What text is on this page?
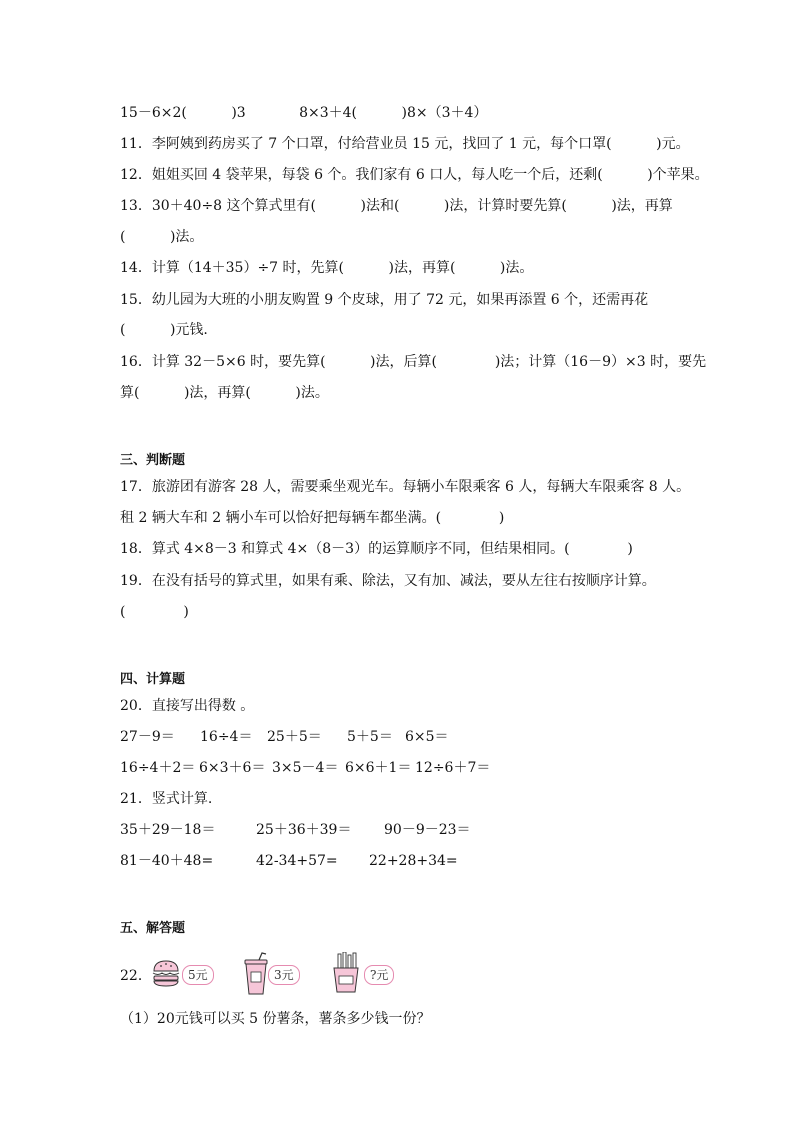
15－6×2(          )3            8×3＋4(          )8×（3＋4）
11．李阿姨到药房买了 7 个口罩，付给营业员 15 元，找回了 1 元，每个口罩(          )元。
12．姐姐买回 4 袋苹果，每袋 6 个。我们家有 6 口人，每人吃一个后，还剩(          )个苹果。
13．30＋40÷8 这个算式里有(          )法和(          )法，计算时要先算(          )法，再算
(          )法。
14．计算（14＋35）÷7 时，先算(          )法，再算(          )法。
15．幼儿园为大班的小朋友购置 9 个皮球，用了 72 元，如果再添置 6 个，还需再花
(          )元钱.
16．计算 32－5×6 时，要先算(          )法，后算(             )法；计算（16－9）×3 时，要先
算(          )法，再算(          )法。
三、判断题
17．旅游团有游客 28 人，需要乘坐观光车。每辆小车限乘客 6 人，每辆大车限乘客 8 人。
租 2 辆大车和 2 辆小车可以恰好把每辆车都坐满。(             )
18．算式 4×8－3 和算式 4×（8－3）的运算顺序不同，但结果相同。(             )
19．在没有括号的算式里，如果有乘、除法，又有加、减法，要从左往右按顺序计算。
(             )
四、计算题
20．直接写出得数 。
27－9＝ 16÷4＝ 25＋5＝ 5＋5＝ 6×5＝
16÷4＋2＝ 6×3＋6＝ 3×5－4＝ 6×6＋1＝ 12÷6＋7＝
21．竖式计算.
35＋29－18＝	25＋36＋39＝ 90－9－23＝
81－40＋48=	42-34+57= 22+28+34=
五、解答题
22．	5元	3元	?元
（1）20元钱可以买 5 份薯条，薯条多少钱一份？
